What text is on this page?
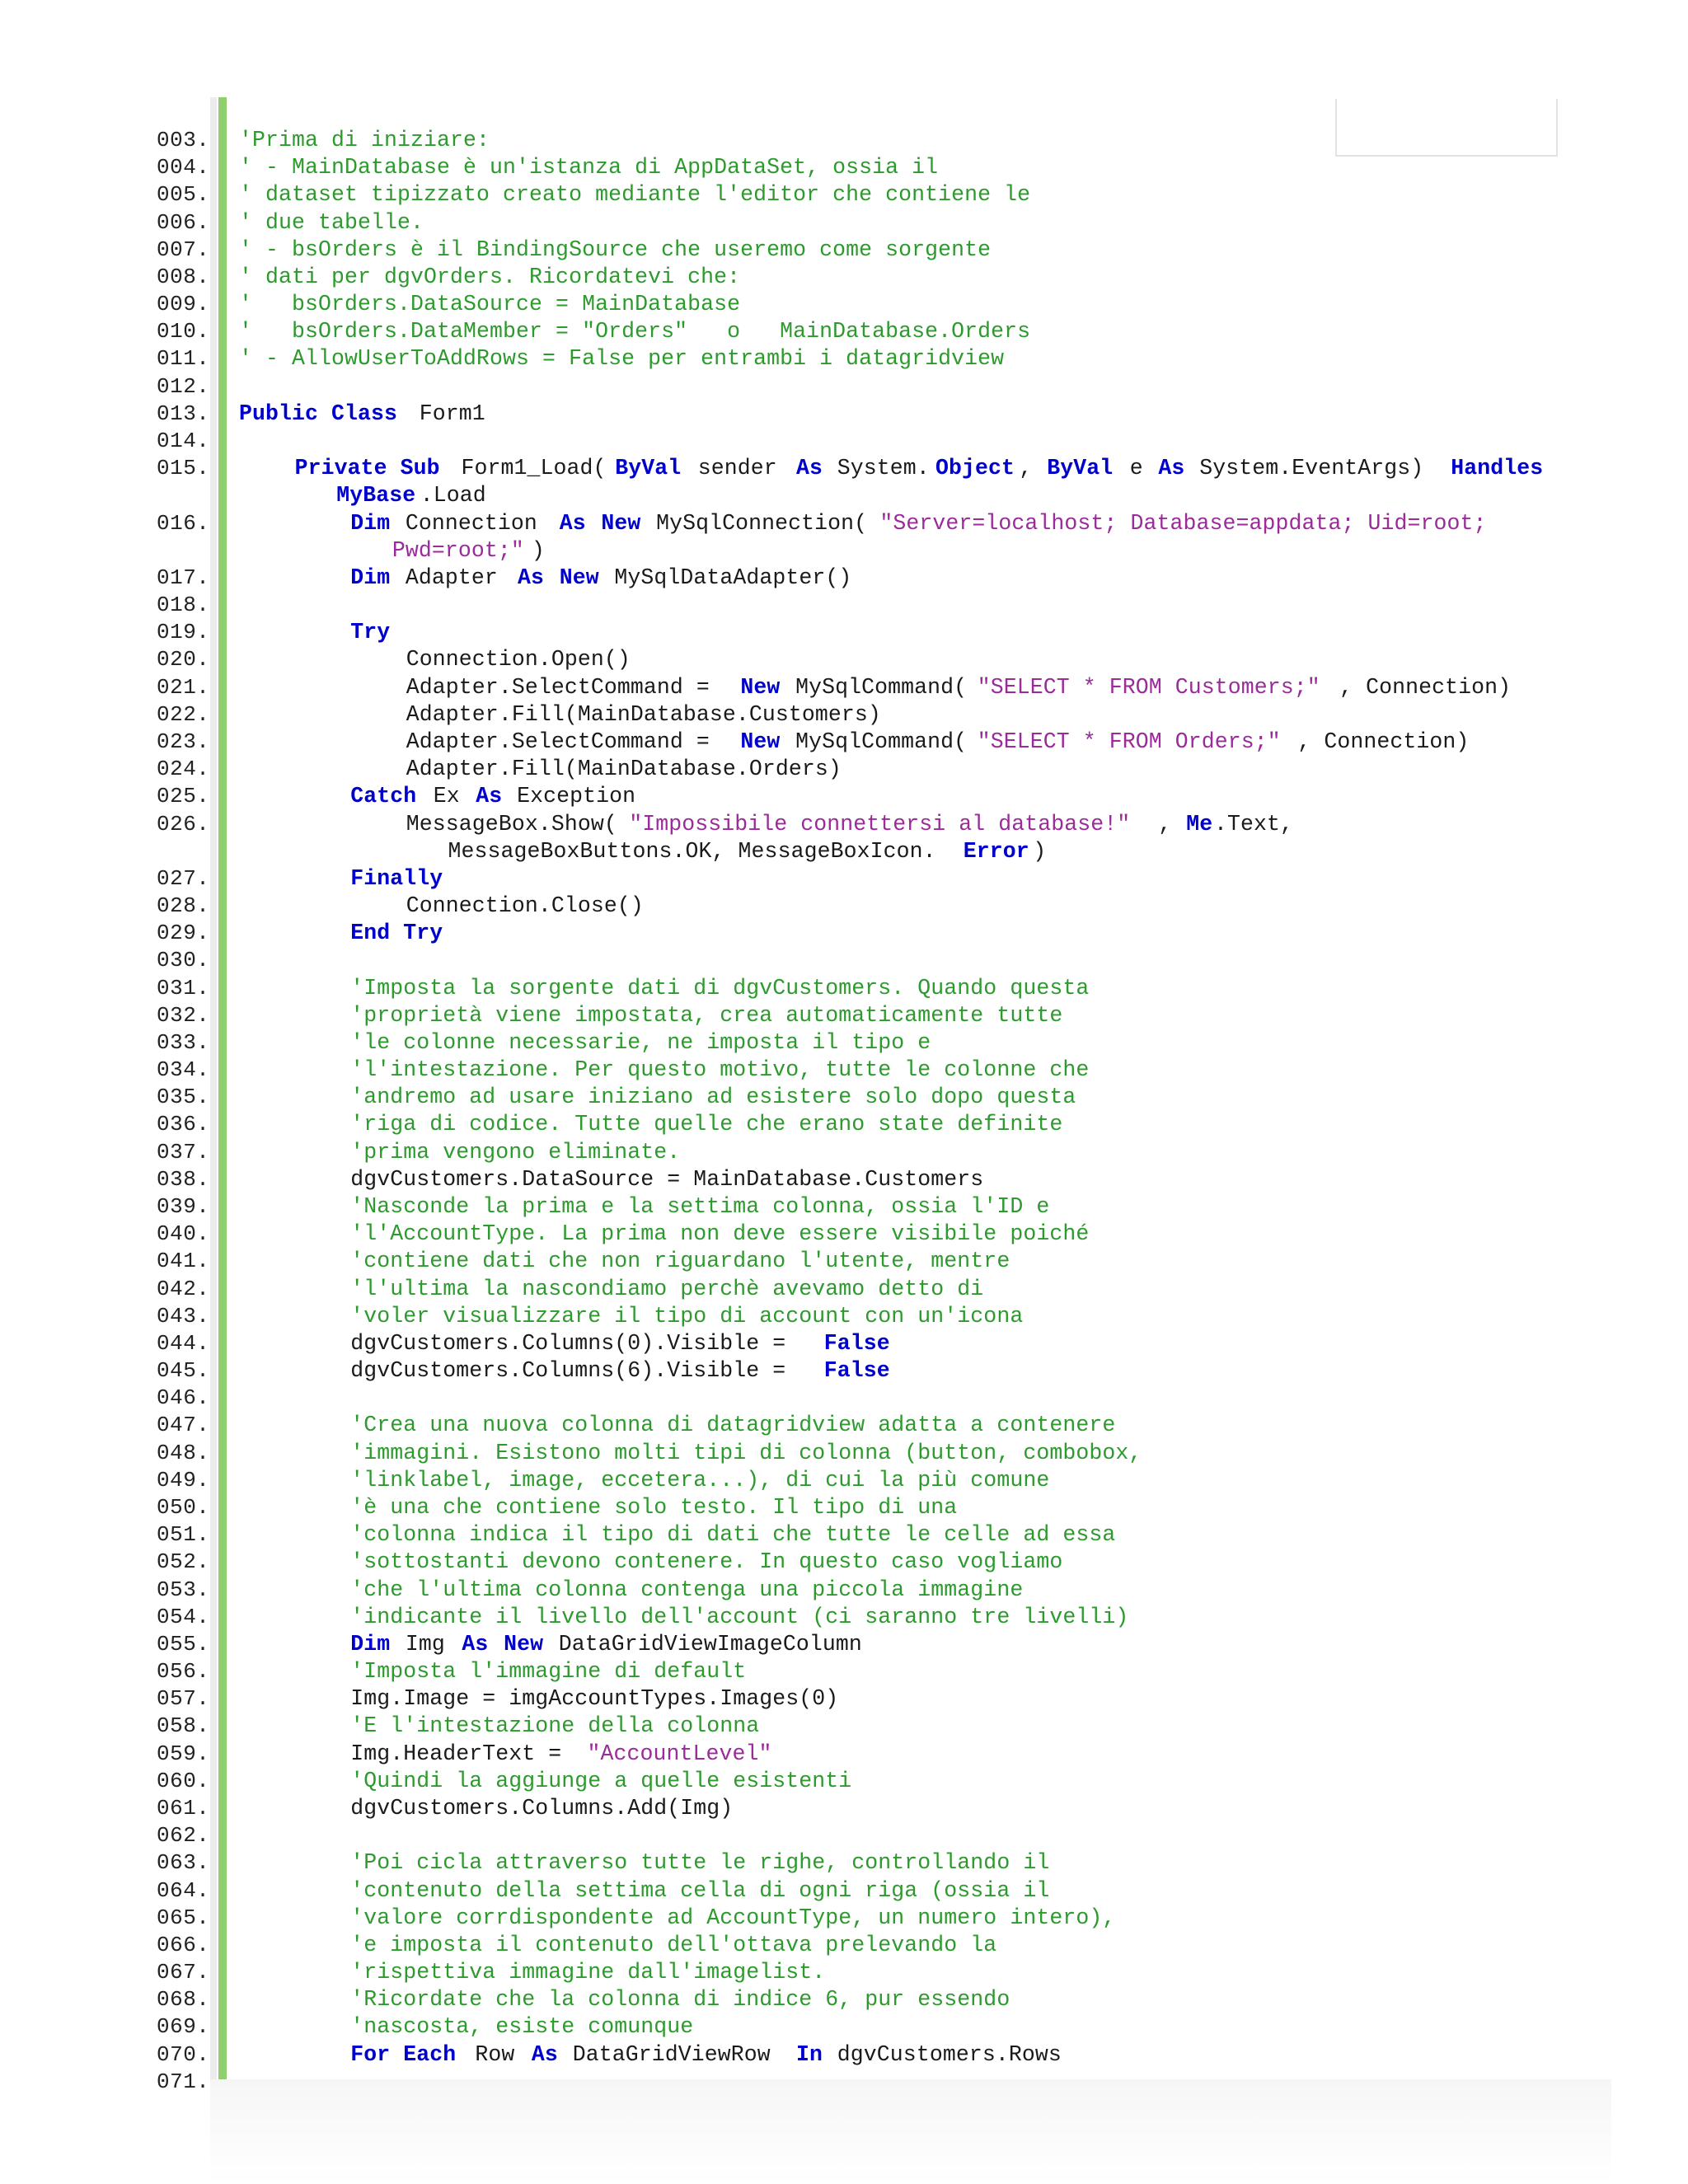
003. 'Prima di iniziare:
004. ' - MainDatabase è un'istanza di AppDataSet, ossia il
005. ' dataset tipizzato creato mediante l'editor che contiene le
006. ' due tabelle.
007. ' - bsOrders è il BindingSource che useremo come sorgente
008. ' dati per dgvOrders. Ricordatevi che:
009. '   bsOrders.DataSource = MainDatabase
010. '   bsOrders.DataMember = "Orders"   o   MainDatabase.Orders
011. ' - AllowUserToAddRows = False per entrambi i datagridview
012.
013. Public Class Form1
014.
015.	Private Sub Form1_Load( ByVal sender As System. Object , ByVal e As System.EventArgs) Handles
MyBase .Load
016.	Dim Connection As
New MySqlConnection( "Server=localhost; Database=appdata; Uid=root;
Pwd=root;" )
017.	Dim Adapter As
New MySqlDataAdapter()
018.
019.	Try
020.	Connection.Open()
021.	Adapter.SelectCommand = New MySqlCommand( "SELECT * FROM Customers;" , Connection)
022.	Adapter.Fill(MainDatabase.Customers)
023.	Adapter.SelectCommand = New MySqlCommand( "SELECT * FROM Orders;" , Connection)
024.	Adapter.Fill(MainDatabase.Orders)
025.	Catch Ex As Exception
026.	MessageBox.Show( "Impossibile connettersi al database!" , Me .Text,
MessageBoxButtons.OK, MessageBoxIcon. Error )
027.	Finally
028.	Connection.Close()
029.	End Try
030.
031.	'Imposta la sorgente dati di dgvCustomers. Quando questa
032.	'proprietà viene impostata, crea automaticamente tutte
033.	'le colonne necessarie, ne imposta il tipo e
034.	'l'intestazione. Per questo motivo, tutte le colonne che
035.	'andremo ad usare iniziano ad esistere solo dopo questa
036.	'riga di codice. Tutte quelle che erano state definite
037.	'prima vengono eliminate.
038.	dgvCustomers.DataSource = MainDatabase.Customers
039.	'Nasconde la prima e la settima colonna, ossia l'ID e
040.	'l'AccountType. La prima non deve essere visibile poiché
041.	'contiene dati che non riguardano l'utente, mentre
042.	'l'ultima la nascondiamo perchè avevamo detto di
043.	'voler visualizzare il tipo di account con un'icona
044.	dgvCustomers.Columns(0).Visible = False
045.	dgvCustomers.Columns(6).Visible = False
046.
047.	'Crea una nuova colonna di datagridview adatta a contenere
048.	'immagini. Esistono molti tipi di colonna (button, combobox,
049.	'linklabel, image, eccetera...), di cui la più comune
050.	'è una che contiene solo testo. Il tipo di una
051.	'colonna indica il tipo di dati che tutte le celle ad essa
052.	'sottostanti devono contenere. In questo caso vogliamo
053.	'che l'ultima colonna contenga una piccola immagine
054.	'indicante il livello dell'account (ci saranno tre livelli)
055.	Dim Img As
New DataGridViewImageColumn
056.	'Imposta l'immagine di default
057.	Img.Image = imgAccountTypes.Images(0)
058.	'E l'intestazione della colonna
059.	Img.HeaderText = "AccountLevel"
060.	'Quindi la aggiunge a quelle esistenti
061.	dgvCustomers.Columns.Add(Img)
062.
063.	'Poi cicla attraverso tutte le righe, controllando il
064.	'contenuto della settima cella di ogni riga (ossia il
065.	'valore corrdispondente ad AccountType, un numero intero),
066.	'e imposta il contenuto dell'ottava prelevando la
067.	'rispettiva immagine dall'imagelist.
068.	'Ricordate che la colonna di indice 6, pur essendo
069.	'nascosta, esiste comunque
070.	For Each Row As DataGridViewRow In dgvCustomers.Rows
071.
